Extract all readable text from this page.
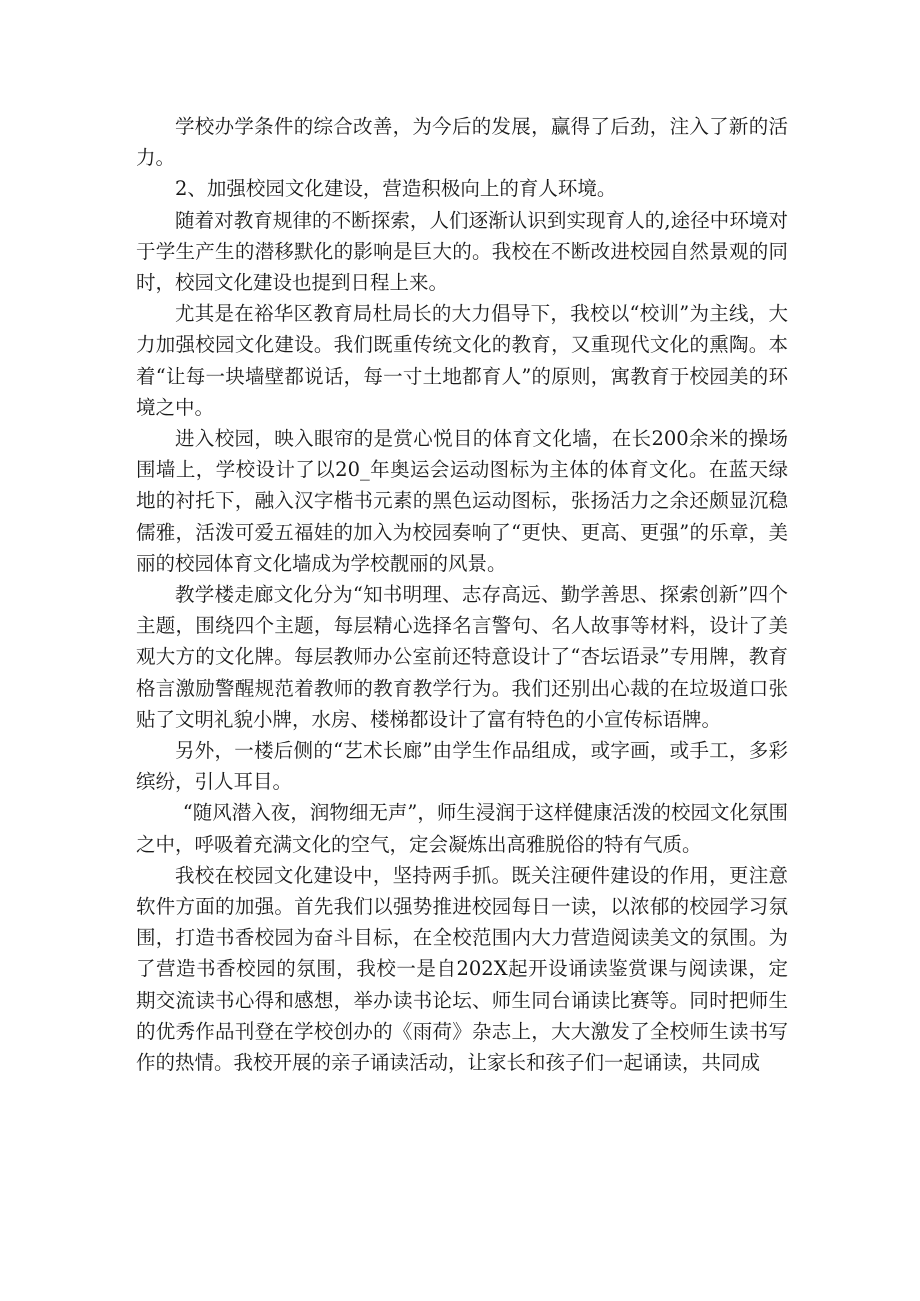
学校办学条件的综合改善，为今后的发展，赢得了后劲，注入了新的活力。

2、加强校园文化建设，营造积极向上的育人环境。

随着对教育规律的不断探索，人们逐渐认识到实现育人的,途径中环境对于学生产生的潜移默化的影响是巨大的。我校在不断改进校园自然景观的同时，校园文化建设也提到日程上来。

尤其是在裕华区教育局杜局长的大力倡导下，我校以“校训”为主线，大力加强校园文化建设。我们既重传统文化的教育，又重现代文化的熏陶。本着“让每一块墙壁都说话，每一寸土地都育人”的原则，寓教育于校园美的环境之中。

进入校园，映入眼帘的是赏心悦目的体育文化墙，在长200余米的操场围墙上，学校设计了以20_年奥运会运动图标为主体的体育文化。在蓝天绿地的衬托下，融入汉字楷书元素的黑色运动图标，张扬活力之余还颇显沉稳儒雅，活泼可爱五福娃的加入为校园奏响了“更快、更高、更强”的乐章，美丽的校园体育文化墙成为学校靓丽的风景。

教学楼走廊文化分为“知书明理、志存高远、勤学善思、探索创新”四个主题，围绕四个主题，每层精心选择名言警句、名人故事等材料，设计了美观大方的文化牌。每层教师办公室前还特意设计了“杏坛语录”专用牌，教育格言激励警醒规范着教师的教育教学行为。我们还别出心裁的在垃圾道口张贴了文明礼貌小牌，水房、楼梯都设计了富有特色的小宣传标语牌。

另外，一楼后侧的“艺术长廊”由学生作品组成，或字画，或手工，多彩缤纷，引人耳目。

“随风潜入夜，润物细无声”，师生浸润于这样健康活泼的校园文化氛围之中，呼吸着充满文化的空气，定会凝炼出高雅脱俗的特有气质。

我校在校园文化建设中，坚持两手抓。既关注硬件建设的作用，更注意软件方面的加强。首先我们以强势推进校园每日一读，以浓郁的校园学习氛围，打造书香校园为奋斗目标，在全校范围内大力营造阅读美文的氛围。为了营造书香校园的氛围，我校一是自202X起开设诵读鉴赏课与阅读课，定期交流读书心得和感想，举办读书论坛、师生同台诵读比赛等。同时把师生的优秀作品刊登在学校创办的《雨荷》杂志上，大大激发了全校师生读书写作的热情。我校开展的亲子诵读活动，让家长和孩子们一起诵读，共同成
